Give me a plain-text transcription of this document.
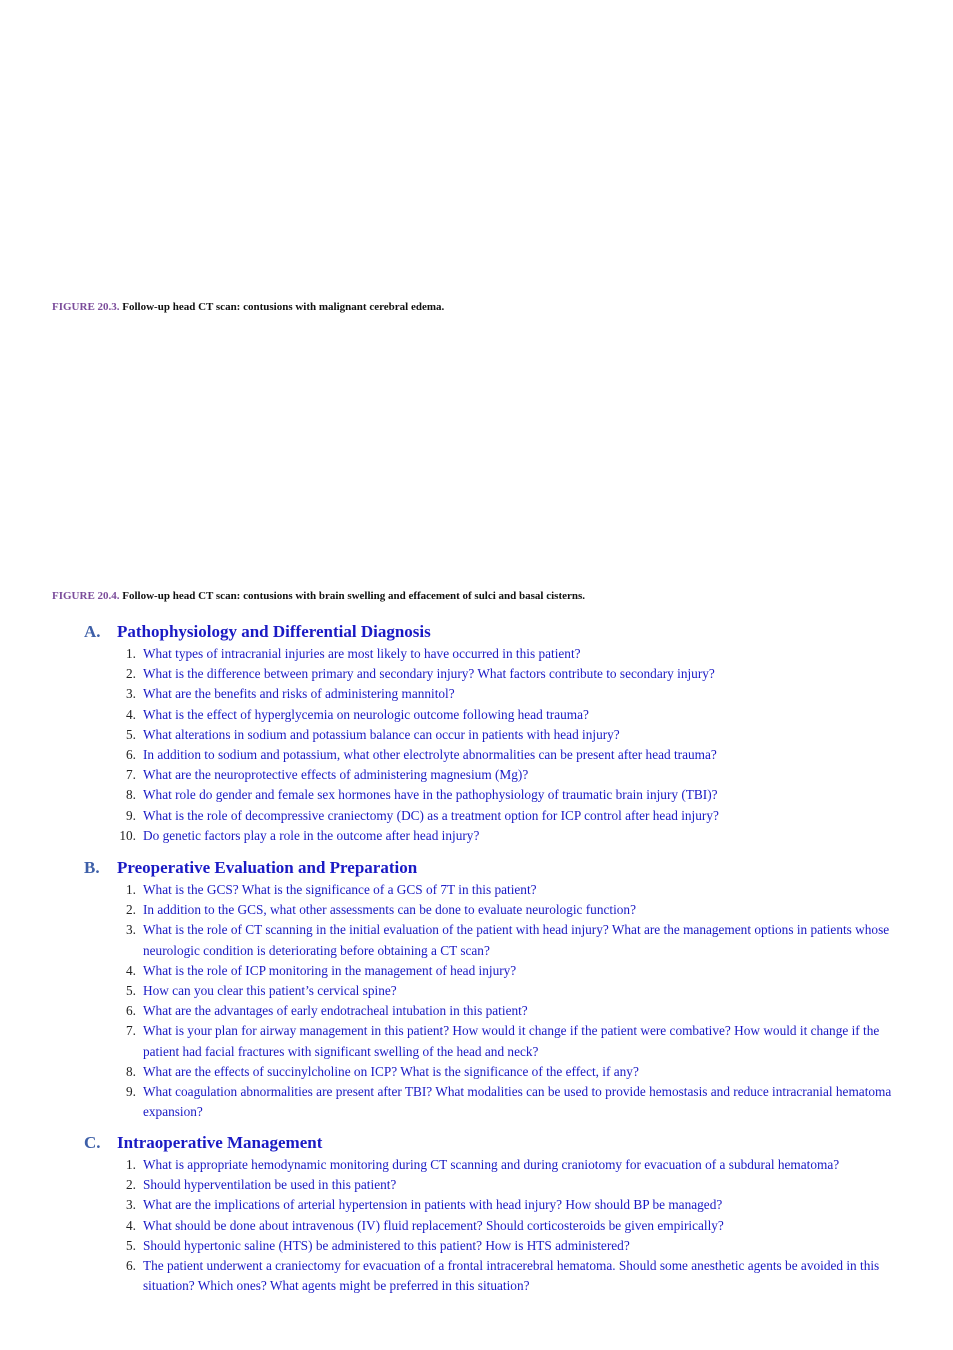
FIGURE 20.3. Follow-up head CT scan: contusions with malignant cerebral edema.
FIGURE 20.4. Follow-up head CT scan: contusions with brain swelling and effacement of sulci and basal cisterns.
A. Pathophysiology and Differential Diagnosis
1. What types of intracranial injuries are most likely to have occurred in this patient?
2. What is the difference between primary and secondary injury? What factors contribute to secondary injury?
3. What are the benefits and risks of administering mannitol?
4. What is the effect of hyperglycemia on neurologic outcome following head trauma?
5. What alterations in sodium and potassium balance can occur in patients with head injury?
6. In addition to sodium and potassium, what other electrolyte abnormalities can be present after head trauma?
7. What are the neuroprotective effects of administering magnesium (Mg)?
8. What role do gender and female sex hormones have in the pathophysiology of traumatic brain injury (TBI)?
9. What is the role of decompressive craniectomy (DC) as a treatment option for ICP control after head injury?
10. Do genetic factors play a role in the outcome after head injury?
B. Preoperative Evaluation and Preparation
1. What is the GCS? What is the significance of a GCS of 7T in this patient?
2. In addition to the GCS, what other assessments can be done to evaluate neurologic function?
3. What is the role of CT scanning in the initial evaluation of the patient with head injury? What are the management options in patients whose neurologic condition is deteriorating before obtaining a CT scan?
4. What is the role of ICP monitoring in the management of head injury?
5. How can you clear this patient’s cervical spine?
6. What are the advantages of early endotracheal intubation in this patient?
7. What is your plan for airway management in this patient? How would it change if the patient were combative? How would it change if the patient had facial fractures with significant swelling of the head and neck?
8. What are the effects of succinylcholine on ICP? What is the significance of the effect, if any?
9. What coagulation abnormalities are present after TBI? What modalities can be used to provide hemostasis and reduce intracranial hematoma expansion?
C. Intraoperative Management
1. What is appropriate hemodynamic monitoring during CT scanning and during craniotomy for evacuation of a subdural hematoma?
2. Should hyperventilation be used in this patient?
3. What are the implications of arterial hypertension in patients with head injury? How should BP be managed?
4. What should be done about intravenous (IV) fluid replacement? Should corticosteroids be given empirically?
5. Should hypertonic saline (HTS) be administered to this patient? How is HTS administered?
6. The patient underwent a craniectomy for evacuation of a frontal intracerebral hematoma. Should some anesthetic agents be avoided in this situation? Which ones? What agents might be preferred in this situation?
